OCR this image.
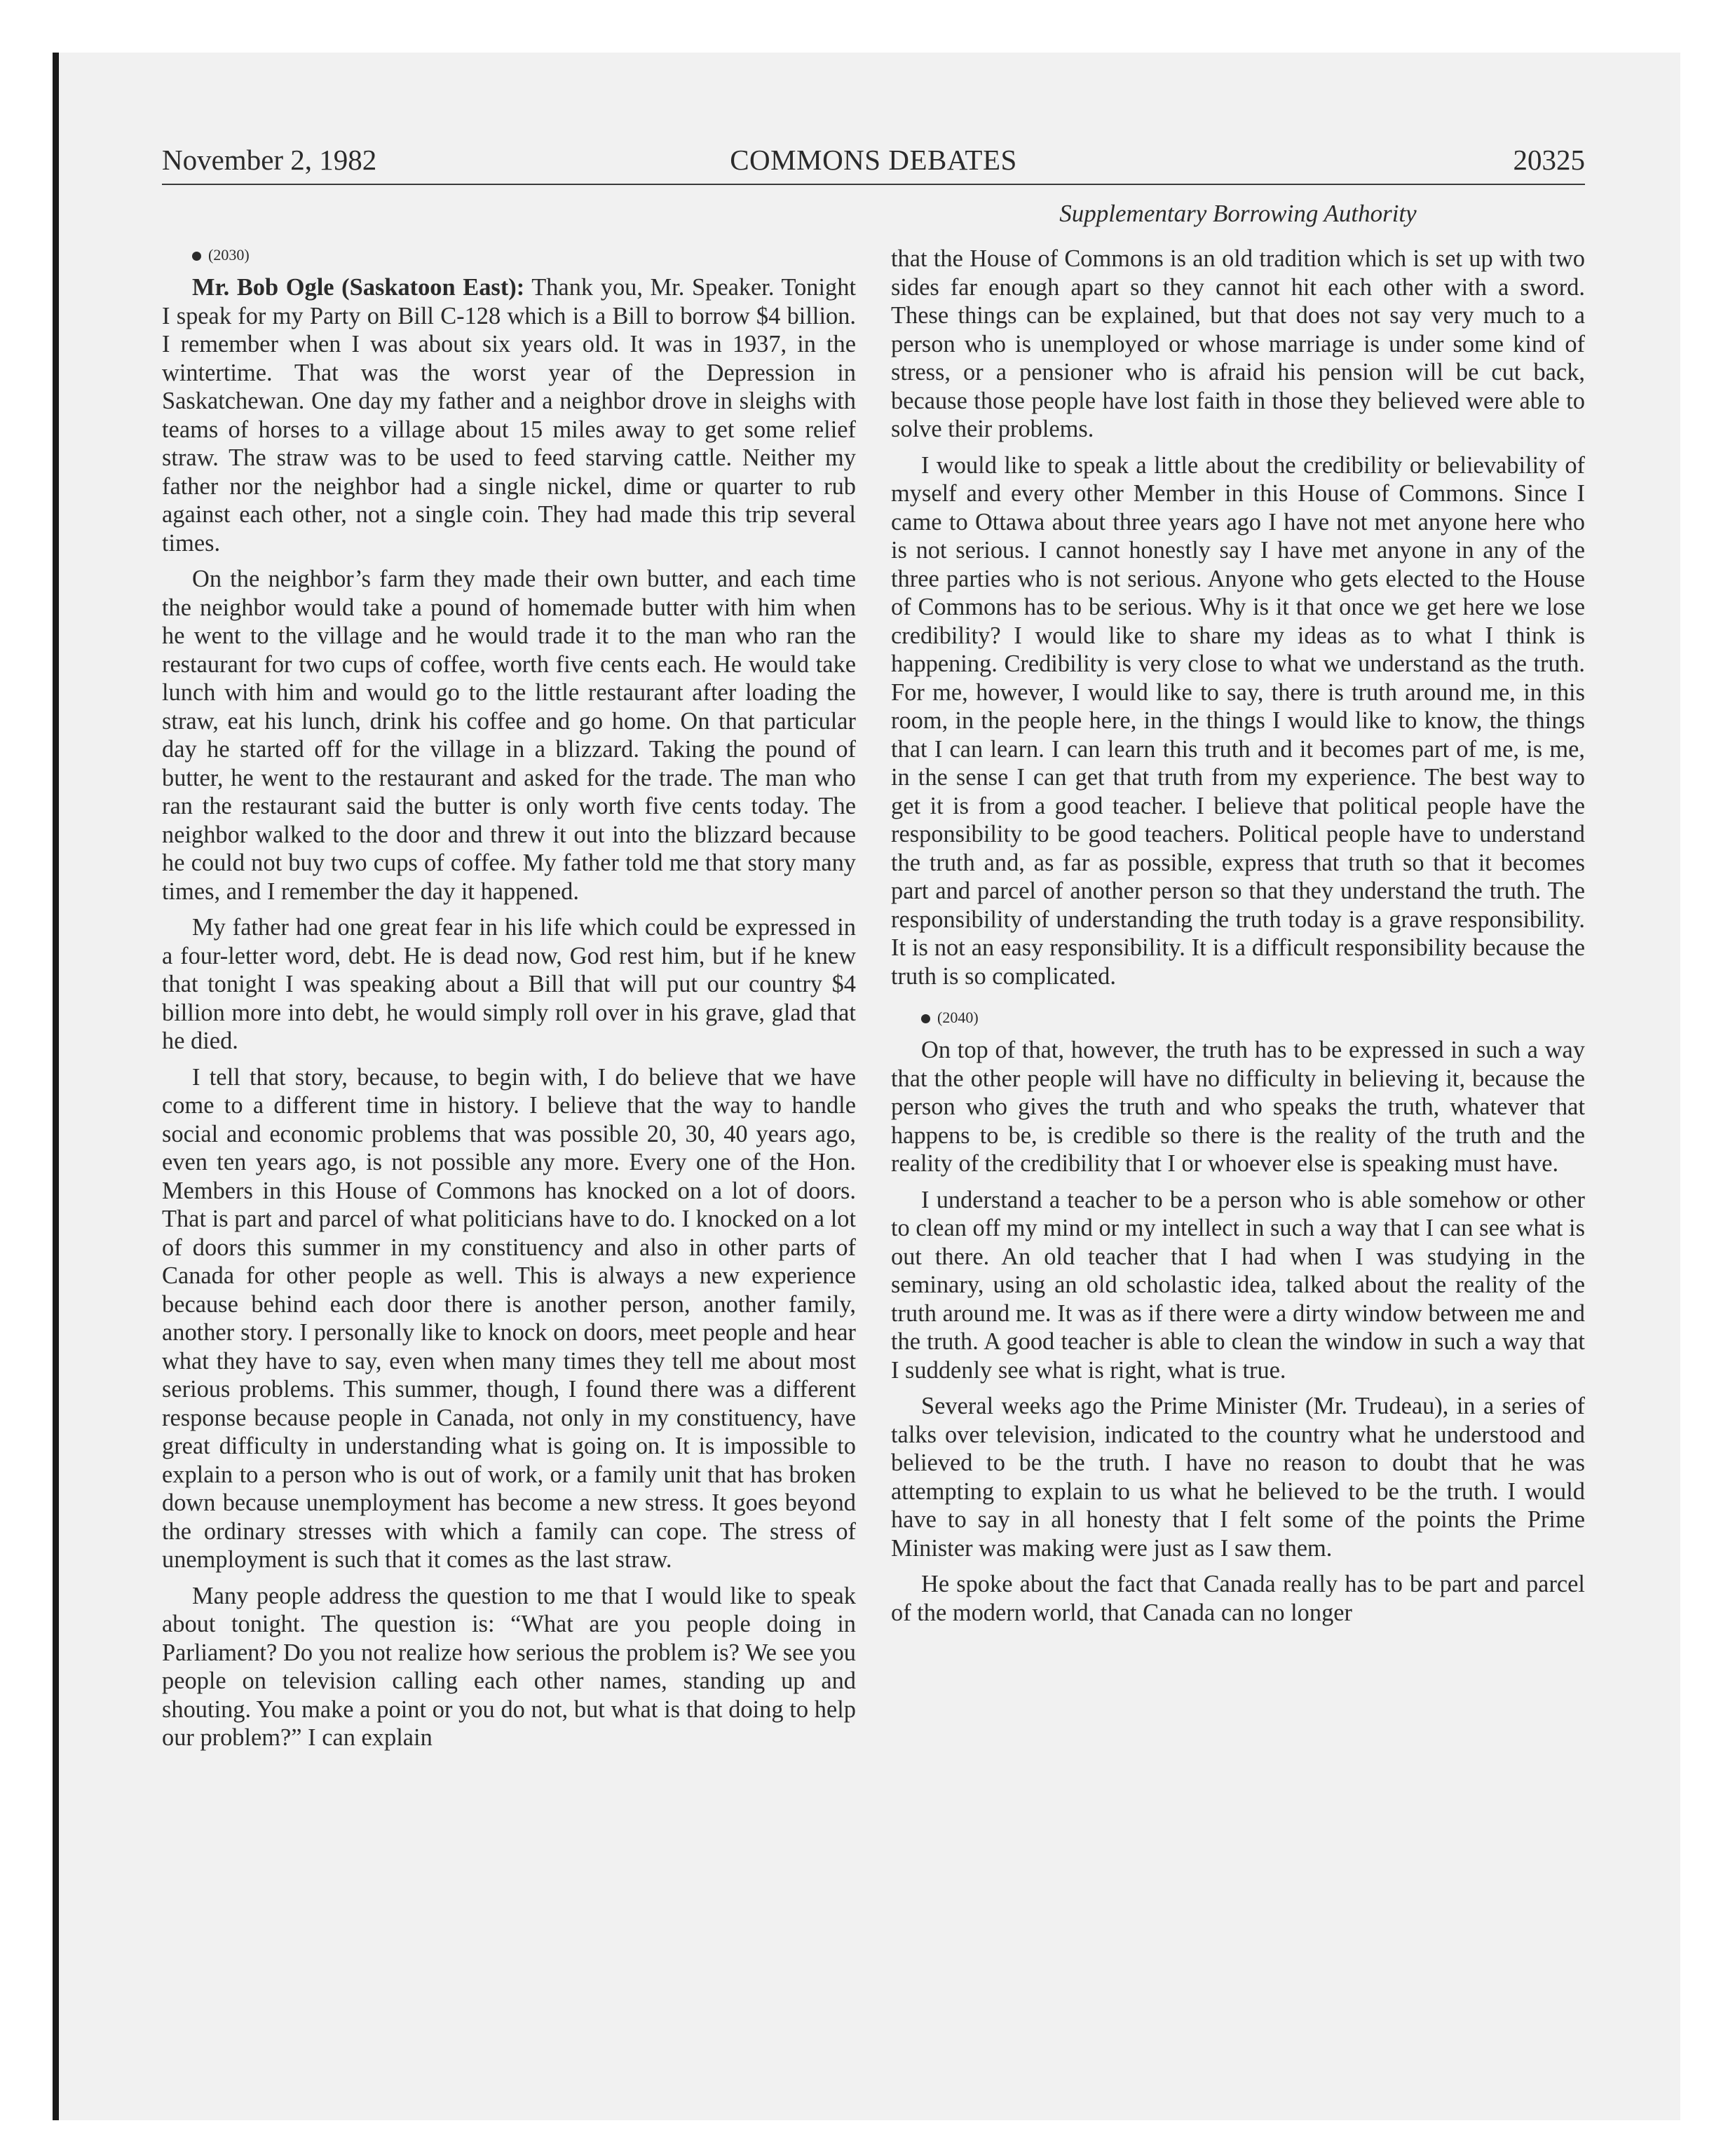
November 2, 1982	COMMONS DEBATES	20325
Supplementary Borrowing Authority

(2030)

Mr. Bob Ogle (Saskatoon East): Thank you, Mr. Speaker. Tonight I speak for my Party on Bill C-128 which is a Bill to borrow $4 billion. I remember when I was about six years old. It was in 1937, in the wintertime. That was the worst year of the Depression in Saskatchewan. One day my father and a neighbor drove in sleighs with teams of horses to a village about 15 miles away to get some relief straw. The straw was to be used to feed starving cattle. Neither my father nor the neighbor had a single nickel, dime or quarter to rub against each other, not a single coin. They had made this trip several times.

On the neighbor’s farm they made their own butter, and each time the neighbor would take a pound of homemade butter with him when he went to the village and he would trade it to the man who ran the restaurant for two cups of coffee, worth five cents each. He would take lunch with him and would go to the little restaurant after loading the straw, eat his lunch, drink his coffee and go home. On that particular day he started off for the village in a blizzard. Taking the pound of butter, he went to the restaurant and asked for the trade. The man who ran the restaurant said the butter is only worth five cents today. The neighbor walked to the door and threw it out into the blizzard because he could not buy two cups of coffee. My father told me that story many times, and I remember the day it happened.

My father had one great fear in his life which could be expressed in a four-letter word, debt. He is dead now, God rest him, but if he knew that tonight I was speaking about a Bill that will put our country $4 billion more into debt, he would simply roll over in his grave, glad that he died.

I tell that story, because, to begin with, I do believe that we have come to a different time in history. I believe that the way to handle social and economic problems that was possible 20, 30, 40 years ago, even ten years ago, is not possible any more. Every one of the Hon. Members in this House of Commons has knocked on a lot of doors. That is part and parcel of what politicians have to do. I knocked on a lot of doors this summer in my constituency and also in other parts of Canada for other people as well. This is always a new experience because behind each door there is another person, another family, another story. I personally like to knock on doors, meet people and hear what they have to say, even when many times they tell me about most serious problems. This summer, though, I found there was a different response because people in Canada, not only in my constituency, have great difficulty in understanding what is going on. It is impossible to explain to a person who is out of work, or a family unit that has broken down because unemployment has become a new stress. It goes beyond the ordinary stresses with which a family can cope. The stress of unemployment is such that it comes as the last straw.

Many people address the question to me that I would like to speak about tonight. The question is: “What are you people doing in Parliament? Do you not realize how serious the problem is? We see you people on television calling each other names, standing up and shouting. You make a point or you do not, but what is that doing to help our problem?” I can explain

that the House of Commons is an old tradition which is set up with two sides far enough apart so they cannot hit each other with a sword. These things can be explained, but that does not say very much to a person who is unemployed or whose marriage is under some kind of stress, or a pensioner who is afraid his pension will be cut back, because those people have lost faith in those they believed were able to solve their problems.

I would like to speak a little about the credibility or believability of myself and every other Member in this House of Commons. Since I came to Ottawa about three years ago I have not met anyone here who is not serious. I cannot honestly say I have met anyone in any of the three parties who is not serious. Anyone who gets elected to the House of Commons has to be serious. Why is it that once we get here we lose credibility? I would like to share my ideas as to what I think is happening. Credibility is very close to what we understand as the truth. For me, however, I would like to say, there is truth around me, in this room, in the people here, in the things I would like to know, the things that I can learn. I can learn this truth and it becomes part of me, is me, in the sense I can get that truth from my experience. The best way to get it is from a good teacher. I believe that political people have the responsibility to be good teachers. Political people have to understand the truth and, as far as possible, express that truth so that it becomes part and parcel of another person so that they understand the truth. The responsibility of understanding the truth today is a grave responsibility. It is not an easy responsibility. It is a difficult responsibility because the truth is so complicated.

(2040)

On top of that, however, the truth has to be expressed in such a way that the other people will have no difficulty in believing it, because the person who gives the truth and who speaks the truth, whatever that happens to be, is credible so there is the reality of the truth and the reality of the credibility that I or whoever else is speaking must have.

I understand a teacher to be a person who is able somehow or other to clean off my mind or my intellect in such a way that I can see what is out there. An old teacher that I had when I was studying in the seminary, using an old scholastic idea, talked about the reality of the truth around me. It was as if there were a dirty window between me and the truth. A good teacher is able to clean the window in such a way that I suddenly see what is right, what is true.

Several weeks ago the Prime Minister (Mr. Trudeau), in a series of talks over television, indicated to the country what he understood and believed to be the truth. I have no reason to doubt that he was attempting to explain to us what he believed to be the truth. I would have to say in all honesty that I felt some of the points the Prime Minister was making were just as I saw them.

He spoke about the fact that Canada really has to be part and parcel of the modern world, that Canada can no longer
